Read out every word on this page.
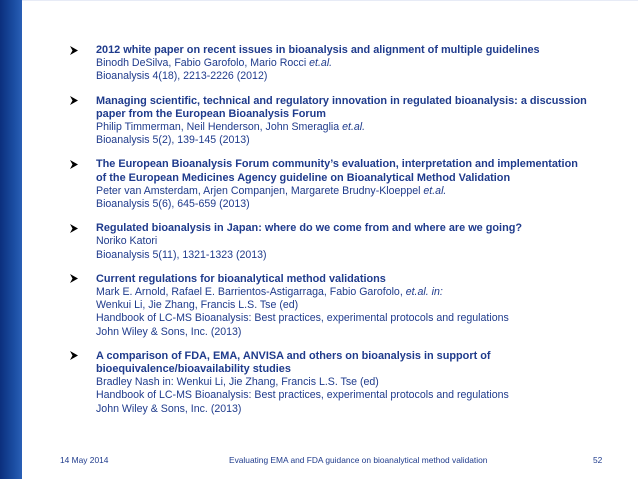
2012 white paper on recent issues in bioanalysis and alignment of multiple guidelines

Binodh DeSilva, Fabio Garofolo, Mario Rocci et.al.

Bioanalysis 4(18), 2213-2226 (2012)

Managing scientific, technical and regulatory innovation in regulated bioanalysis: a discussion

paper from the European Bioanalysis Forum

Philip Timmerman, Neil Henderson, John Smeraglia et.al.

Bioanalysis 5(2), 139-145 (2013)

The European Bioanalysis Forum community’s evaluation, interpretation and implementation

of the European Medicines Agency guideline on Bioanalytical Method Validation

Peter van Amsterdam, Arjen Companjen, Margarete Brudny-Kloeppel et.al.

Bioanalysis 5(6), 645-659 (2013)

Regulated bioanalysis in Japan: where do we come from and where are we going?

Noriko Katori

Bioanalysis 5(11), 1321-1323 (2013)

Current regulations for bioanalytical method validations

Mark E. Arnold, Rafael E. Barrientos-Astigarraga, Fabio Garofolo, et.al. in:

Wenkui Li, Jie Zhang, Francis L.S. Tse (ed)

Handbook of LC-MS Bioanalysis: Best practices, experimental protocols and regulations

John Wiley & Sons, Inc. (2013)

A comparison of FDA, EMA, ANVISA and others on bioanalysis in support of

bioequivalence/bioavailability studies

Bradley Nash in: Wenkui Li, Jie Zhang, Francis L.S. Tse (ed)

Handbook of LC-MS Bioanalysis: Best practices, experimental protocols and regulations

John Wiley & Sons, Inc. (2013)

14 May 2014	Evaluating EMA and FDA guidance on bioanalytical method validation	52
